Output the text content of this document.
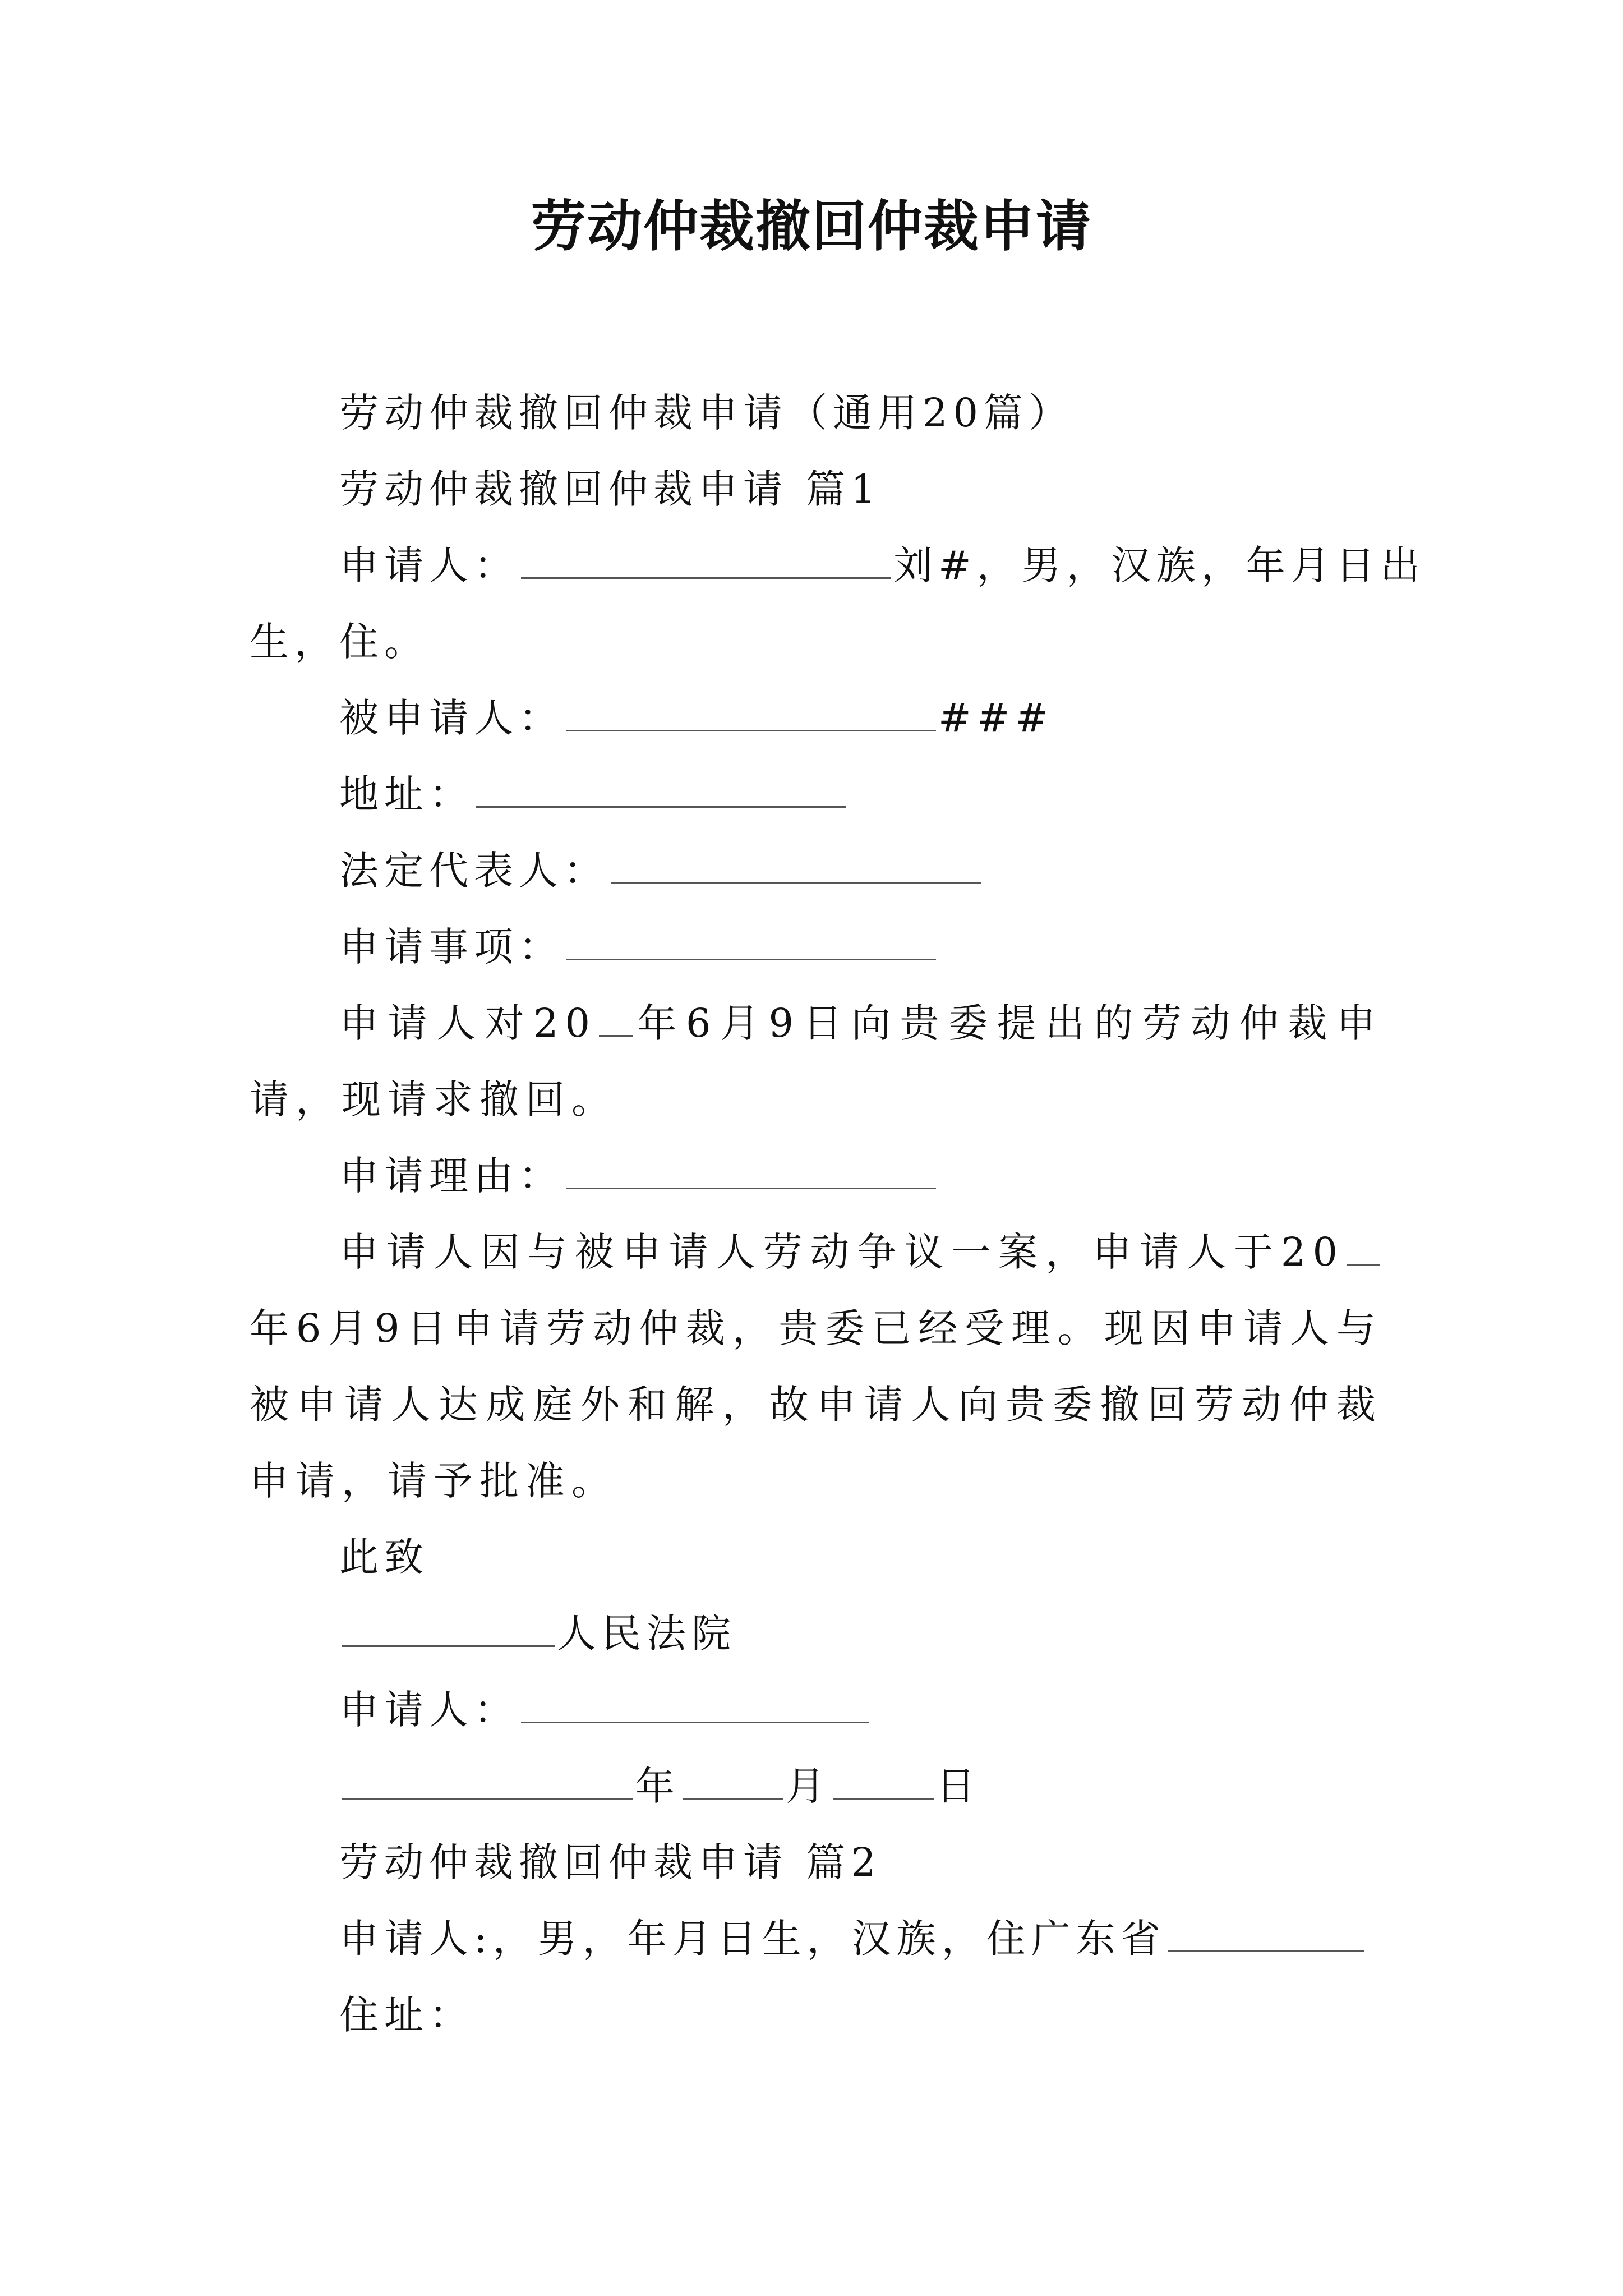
劳动仲裁撤回仲裁申请
劳动仲裁撤回仲裁申请（通用20篇）
劳动仲裁撤回仲裁申请 篇1
申请人：	刘#，男，汉族，年月日出
生，住。
被申请人：	###
地址：
法定代表人：
申请事项：
申请人对20 年6月9日向贵委提出的劳动仲裁申请，现请求撤回。
申请理由：
申请人因与被申请人劳动争议一案，申请人于20年6月9日申请劳动仲裁，贵委已经受理。现因申请人与被申请人达成庭外和解，故申请人向贵委撤回劳动仲裁申请，请予批准。
此致
人民法院
申请人：
年	月	日
劳动仲裁撤回仲裁申请 篇2
申请人:，男，年月日生，汉族，住广东省
住址：
